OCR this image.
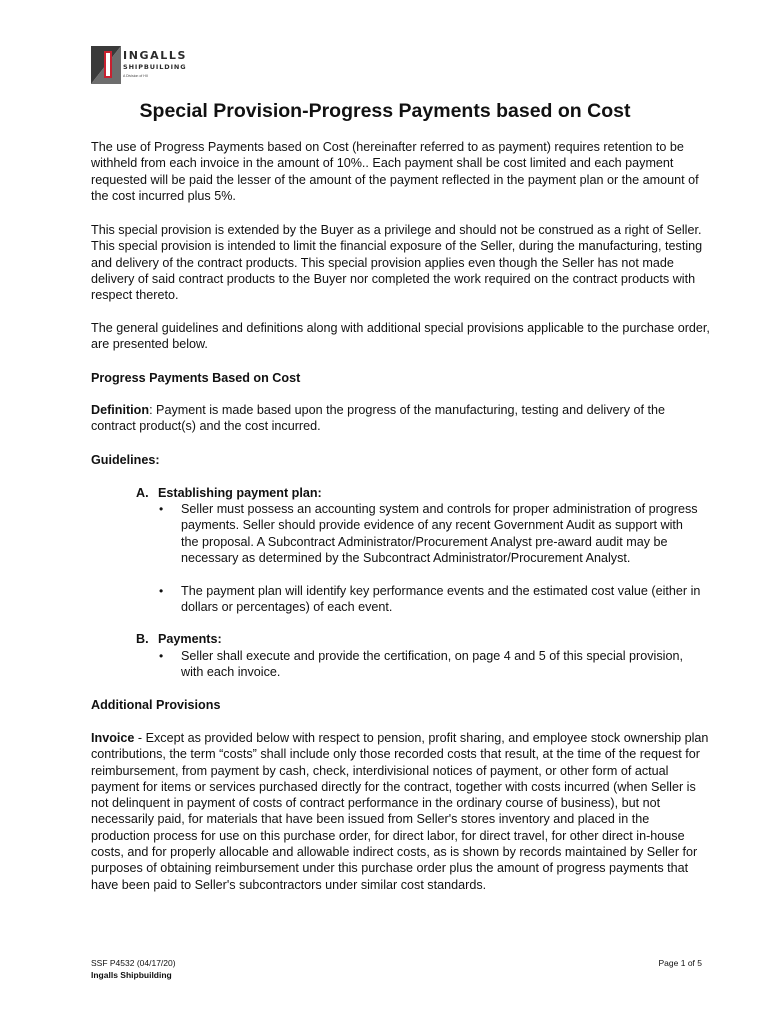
INGALLS
SHIPBUILDING
A Division of HII
Special Provision-Progress Payments based on Cost

The use of Progress Payments based on Cost (hereinafter referred to as payment) requires retention to be withheld from each invoice in the amount of 10%.. Each payment shall be cost limited and each payment requested will be paid the lesser of the amount of the payment reflected in the payment plan or the amount of the cost incurred plus 5%.

This special provision is extended by the Buyer as a privilege and should not be construed as a right of Seller. This special provision is intended to limit the financial exposure of the Seller, during the manufacturing, testing and delivery of the contract products. This special provision applies even though the Seller has not made delivery of said contract products to the Buyer nor completed the work required on the contract products with respect thereto.

The general guidelines and definitions along with additional special provisions applicable to the purchase order, are presented below.

Progress Payments Based on Cost

Definition: Payment is made based upon the progress of the manufacturing, testing and delivery of the contract product(s) and the cost incurred.

Guidelines:

A. Establishing payment plan:

• Seller must possess an accounting system and controls for proper administration of progress payments. Seller should provide evidence of any recent Government Audit as support with the proposal. A Subcontract Administrator/Procurement Analyst pre-award audit may be necessary as determined by the Subcontract Administrator/Procurement Analyst.

• The payment plan will identify key performance events and the estimated cost value (either in dollars or percentages) of each event.

B. Payments:

• Seller shall execute and provide the certification, on page 4 and 5 of this special provision, with each invoice.

Additional Provisions

Invoice - Except as provided below with respect to pension, profit sharing, and employee stock ownership plan contributions, the term “costs” shall include only those recorded costs that result, at the time of the request for reimbursement, from payment by cash, check, interdivisional notices of payment, or other form of actual payment for items or services purchased directly for the contract, together with costs incurred (when Seller is not delinquent in payment of costs of contract performance in the ordinary course of business), but not necessarily paid, for materials that have been issued from Seller's stores inventory and placed in the production process for use on this purchase order, for direct labor, for direct travel, for other direct in-house costs, and for properly allocable and allowable indirect costs, as is shown by records maintained by Seller for purposes of obtaining reimbursement under this purchase order plus the amount of progress payments that have been paid to Seller's subcontractors under similar cost standards.

SSF P4532 (04/17/20)
Ingalls Shipbuilding
Page 1 of 5
